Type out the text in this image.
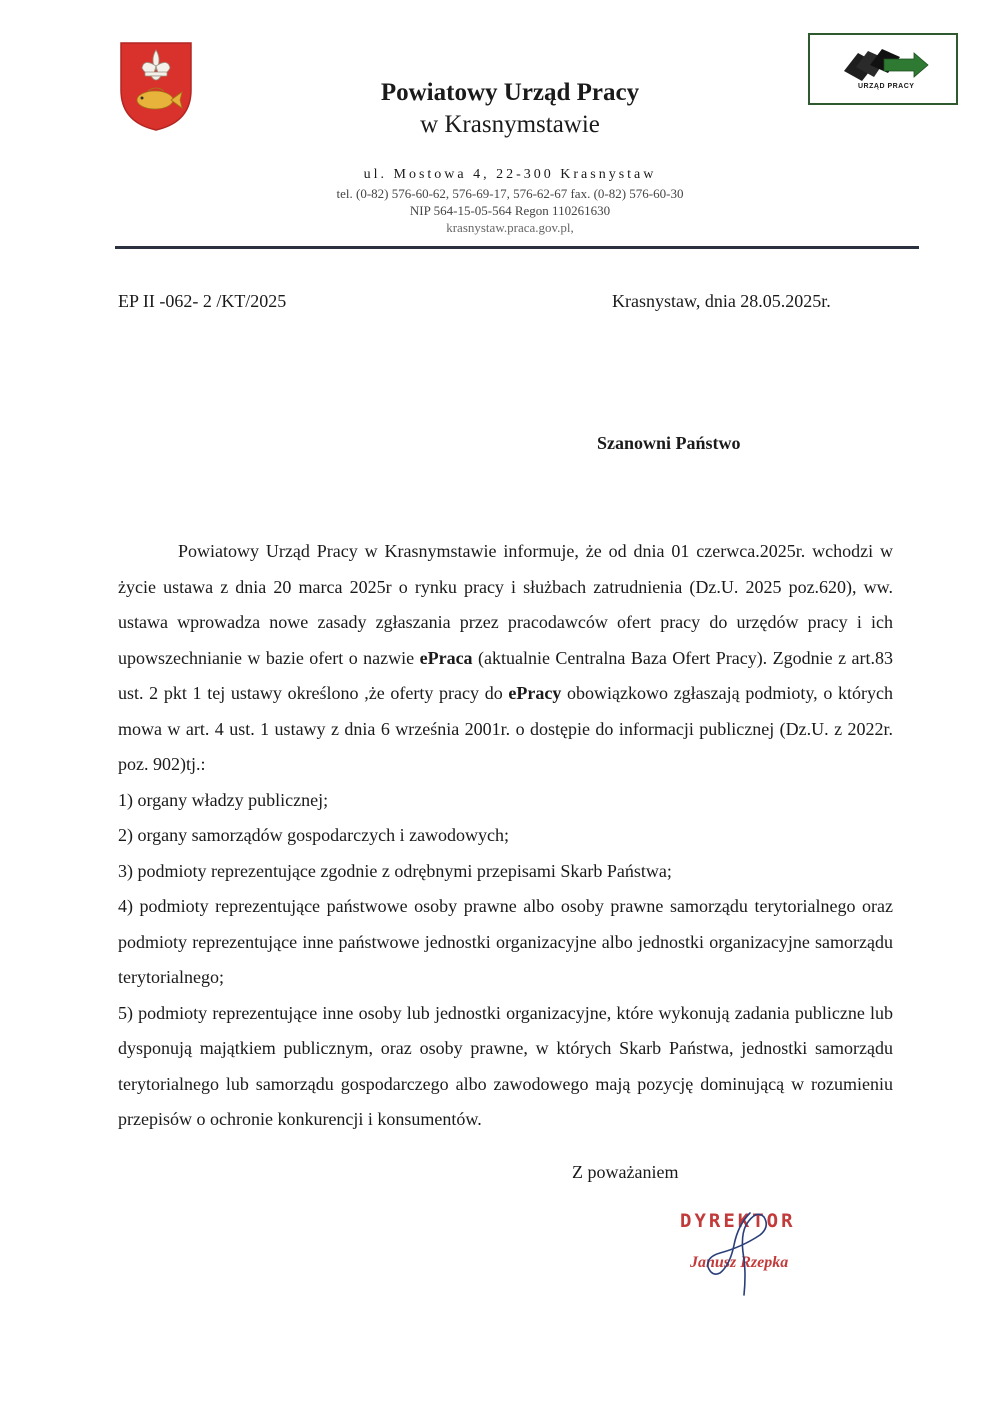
URZĄD PRACY
Powiatowy Urząd Pracy
w Krasnymstawie
ul. Mostowa 4, 22-300 Krasnystaw
tel. (0-82) 576-60-62, 576-69-17, 576-62-67 fax. (0-82) 576-60-30
NIP 564-15-05-564 Regon 110261630
krasnystaw.praca.gov.pl,
EP II -062- 2 /KT/2025	Krasnystaw, dnia 28.05.2025r.
Szanowni Państwo

Powiatowy Urząd Pracy w Krasnymstawie informuje, że od dnia 01 czerwca.2025r. wchodzi w życie ustawa z dnia 20 marca 2025r o rynku pracy i służbach zatrudnienia (Dz.U. 2025 poz.620), ww. ustawa wprowadza nowe zasady zgłaszania przez pracodawców ofert pracy do urzędów pracy i ich upowszechnianie w bazie ofert o nazwie ePraca (aktualnie Centralna Baza Ofert Pracy). Zgodnie z art.83 ust. 2 pkt 1 tej ustawy określono ,że oferty pracy do ePracy obowiązkowo zgłaszają podmioty, o których mowa w art. 4 ust. 1 ustawy z dnia 6 września 2001r. o dostępie do informacji publicznej (Dz.U. z 2022r. poz. 902)tj.:

1) organy władzy publicznej;

2) organy samorządów gospodarczych i zawodowych;

3) podmioty reprezentujące zgodnie z odrębnymi przepisami Skarb Państwa;

4) podmioty reprezentujące państwowe osoby prawne albo osoby prawne samorządu terytorialnego oraz podmioty reprezentujące inne państwowe jednostki organizacyjne albo jednostki organizacyjne samorządu terytorialnego;

5) podmioty reprezentujące inne osoby lub jednostki organizacyjne, które wykonują zadania publiczne lub dysponują majątkiem publicznym, oraz osoby prawne, w których Skarb Państwa, jednostki samorządu terytorialnego lub samorządu gospodarczego albo zawodowego mają pozycję dominującą w rozumieniu przepisów o ochronie konkurencji i konsumentów.

Z poważaniem
DYREKTOR
Janusz Rzepka
